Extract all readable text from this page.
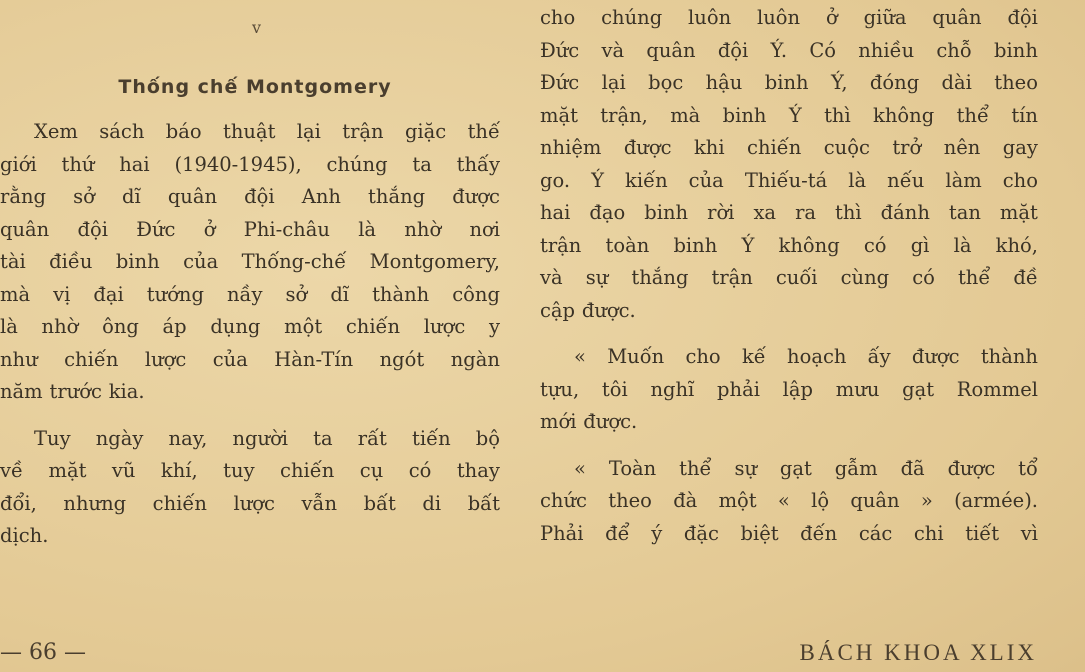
v
Thống chế Montgomery
Xem sách báo thuật lại trận giặc thế
giới thứ hai (1940-1945), chúng ta thấy
rằng sở dĩ quân đội Anh thắng được
quân đội Đức ở Phi-châu là nhờ nơi
tài điều binh của Thống-chế Montgomery,
mà vị đại tướng nầy sở dĩ thành công
là nhờ ông áp dụng một chiến lược y
như chiến lược của Hàn-Tín ngót ngàn
năm trước kia.
Tuy ngày nay, người ta rất tiến bộ
về mặt vũ khí, tuy chiến cụ có thay
đổi, nhưng chiến lược vẫn bất di bất
dịch.
cho chúng luôn luôn ở giữa quân đội
Đức và quân đội Ý. Có nhiều chỗ binh
Đức lại bọc hậu binh Ý, đóng dài theo
mặt trận, mà binh Ý thì không thể tín
nhiệm được khi chiến cuộc trở nên gay
go. Ý kiến của Thiếu-tá là nếu làm cho
hai đạo binh rời xa ra thì đánh tan mặt
trận toàn binh Ý không có gì là khó,
và sự thắng trận cuối cùng có thể đề
cập được.
« Muốn cho kế hoạch ấy được thành
tựu, tôi nghĩ phải lập mưu gạt Rommel
mới được.
« Toàn thể sự gạt gẫm đã được tổ
chức theo đà một « lộ quân » (armée).
Phải để ý đặc biệt đến các chi tiết vì
— 66 —	BÁCH KHOA XLIX
